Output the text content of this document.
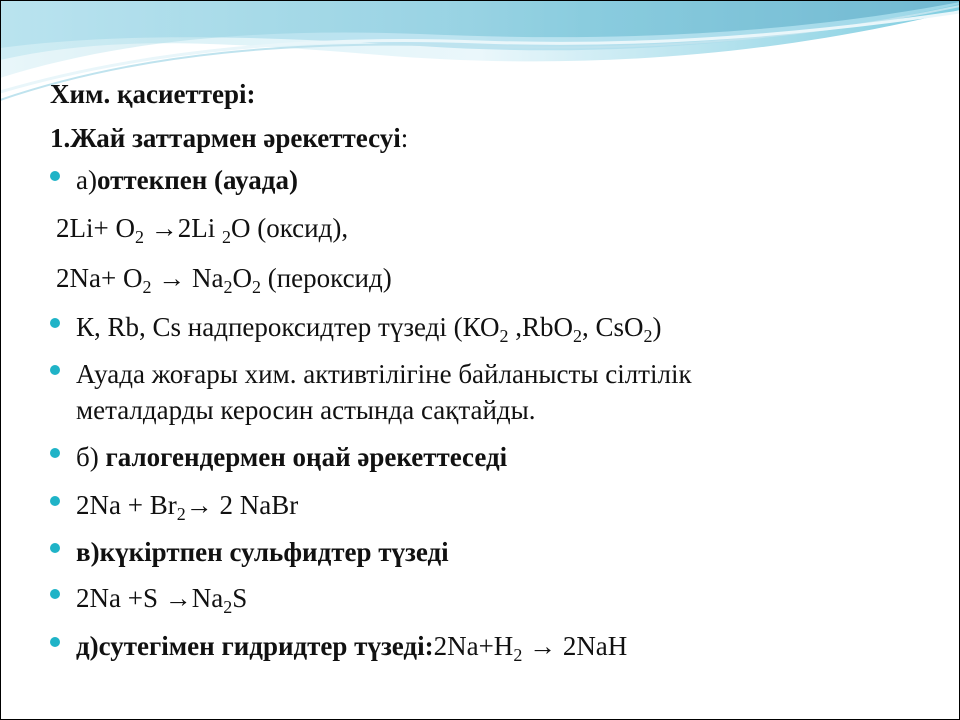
Хим. қасиеттері:
1.Жай заттармен әрекеттесуі:
а)оттекпен (ауада)
$2Li+ O_2 \to 2Li$ $_2$O (оксид),
$2Na+ O_2 \to Na_2O_2$ (пероксид)
К, Rb, Cs надпероксидтер түзеді ($КО_2$ ,RbO$_2$, CsO$_2$)
Ауада жоғары хим. активтілігіне байланысты сілтілік
металдарды керосин астында сақтайды.
б) галогендермен оңай әрекеттеседі
$2Na + Br_2\to 2$ NaBr
в)күкіртпен сульфидтер түзеді
$2Na +S \to Na_2S$
д)сутегімен гидридтер $түзеді:2Na+H_2 \to 2NaH$
